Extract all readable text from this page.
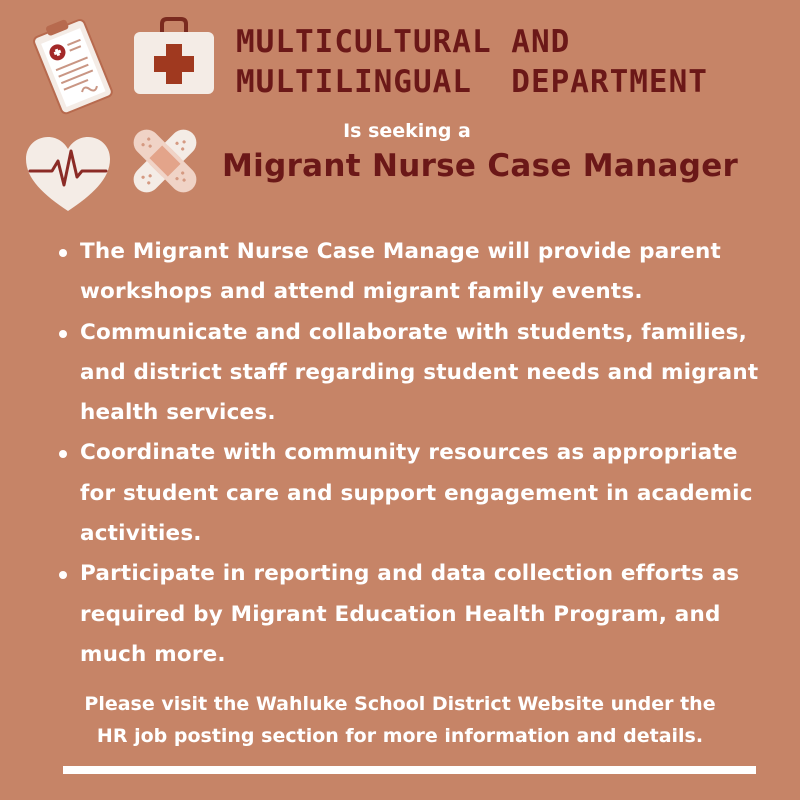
MULTICULTURAL AND
MULTILINGUAL  DEPARTMENT

Is seeking a

Migrant Nurse Case Manager
The Migrant Nurse Case Manage will provide parent workshops and attend migrant family events.
Communicate and collaborate with students, families, and district staff regarding student needs and migrant health services.
Coordinate with community resources as appropriate for student care and support engagement in academic activities.
Participate in reporting and data collection efforts as required by Migrant Education Health Program, and much more.

Please visit the Wahluke School District Website under the
HR job posting section for more information and details.
